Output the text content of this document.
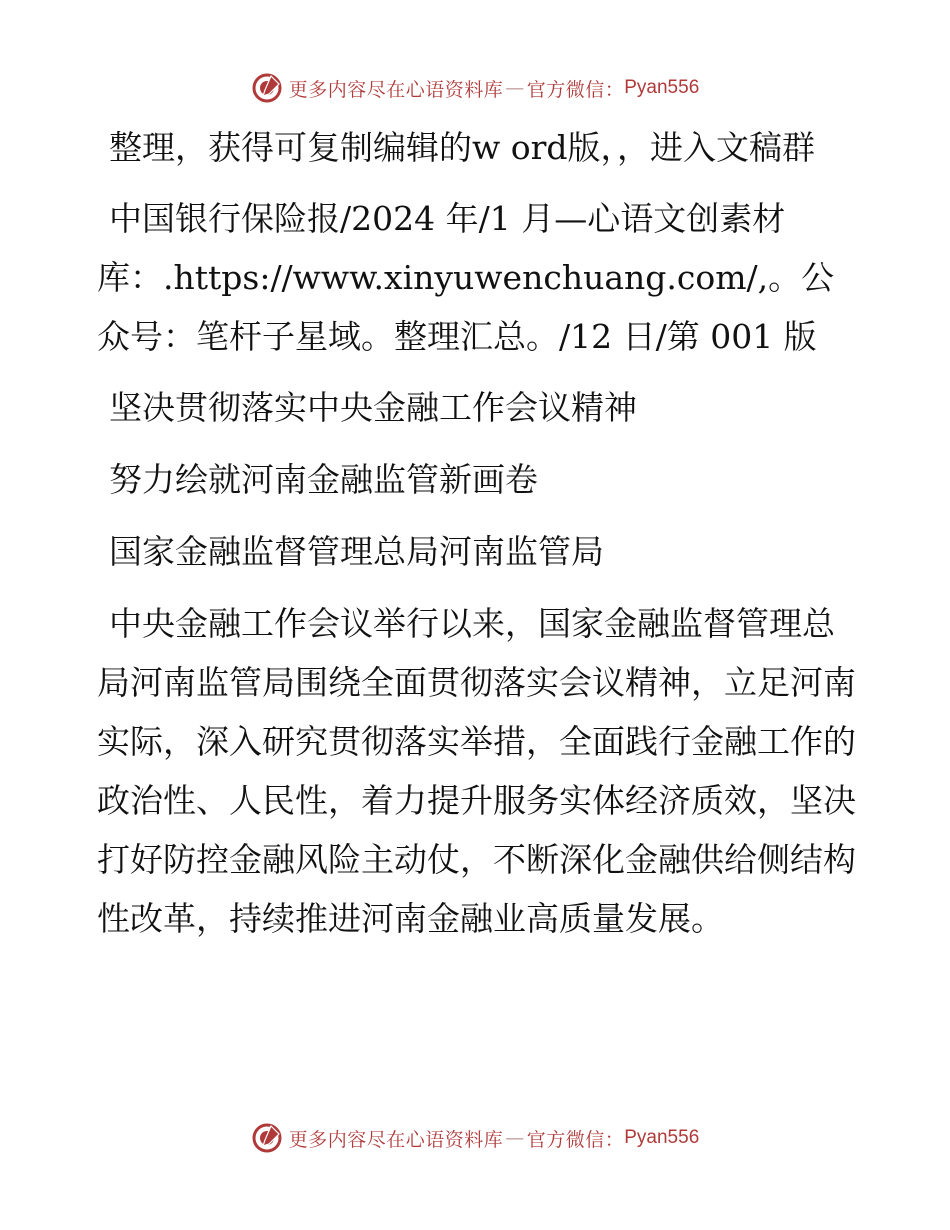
更多内容尽在心语资料库 — 官方微信： Pyan556

整理，获得可复制编辑的w ord版，，进入文稿群

中国银行保险报/2024 年/1 月—心语文创素材库：.https://www.xinyuwenchuang.com/,。公众号：笔杆子星域。整理汇总。/12 日/第 001 版

坚决贯彻落实中央金融工作会议精神

努力绘就河南金融监管新画卷

国家金融监督管理总局河南监管局

中央金融工作会议举行以来，国家金融监督管理总局河南监管局围绕全面贯彻落实会议精神，立足河南实际，深入研究贯彻落实举措，全面践行金融工作的政治性、人民性，着力提升服务实体经济质效，坚决打好防控金融风险主动仗，不断深化金融供给侧结构性改革，持续推进河南金融业高质量发展。

更多内容尽在心语资料库 — 官方微信： Pyan556
